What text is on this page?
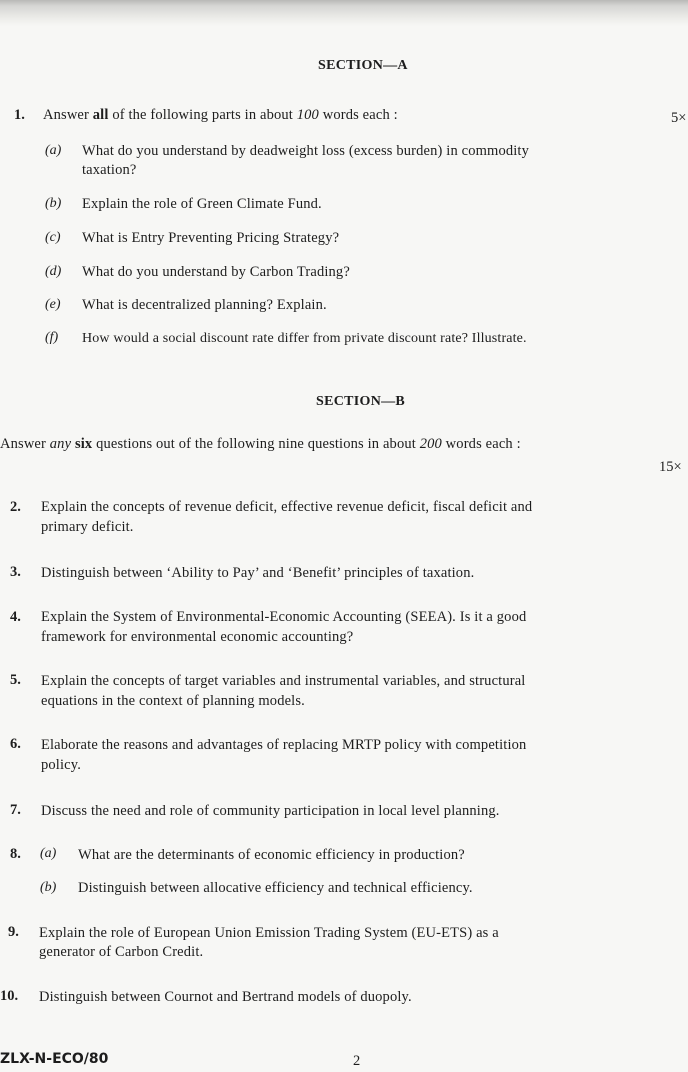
SECTION—A
1. Answer all of the following parts in about 100 words each :	5×
(a) What do you understand by deadweight loss (excess burden) in commodity
taxation?
(b) Explain the role of Green Climate Fund.
(c) What is Entry Preventing Pricing Strategy?
(d) What do you understand by Carbon Trading?
(e) What is decentralized planning? Explain.
(f) How would a social discount rate differ from private discount rate? Illustrate.
SECTION—B
Answer any six questions out of the following nine questions in about 200 words each :
15×
2. Explain the concepts of revenue deficit, effective revenue deficit, fiscal deficit and
primary deficit.
3. Distinguish between ‘Ability to Pay’ and ‘Benefit’ principles of taxation.
4. Explain the System of Environmental-Economic Accounting (SEEA). Is it a good
framework for environmental economic accounting?
5. Explain the concepts of target variables and instrumental variables, and structural
equations in the context of planning models.
6. Elaborate the reasons and advantages of replacing MRTP policy with competition
policy.
7. Discuss the need and role of community participation in local level planning.
8. (a) What are the determinants of economic efficiency in production?
(b) Distinguish between allocative efficiency and technical efficiency.
9. Explain the role of European Union Emission Trading System (EU-ETS) as a
generator of Carbon Credit.
10. Distinguish between Cournot and Bertrand models of duopoly.
ZLX-N-ECO/80	2
